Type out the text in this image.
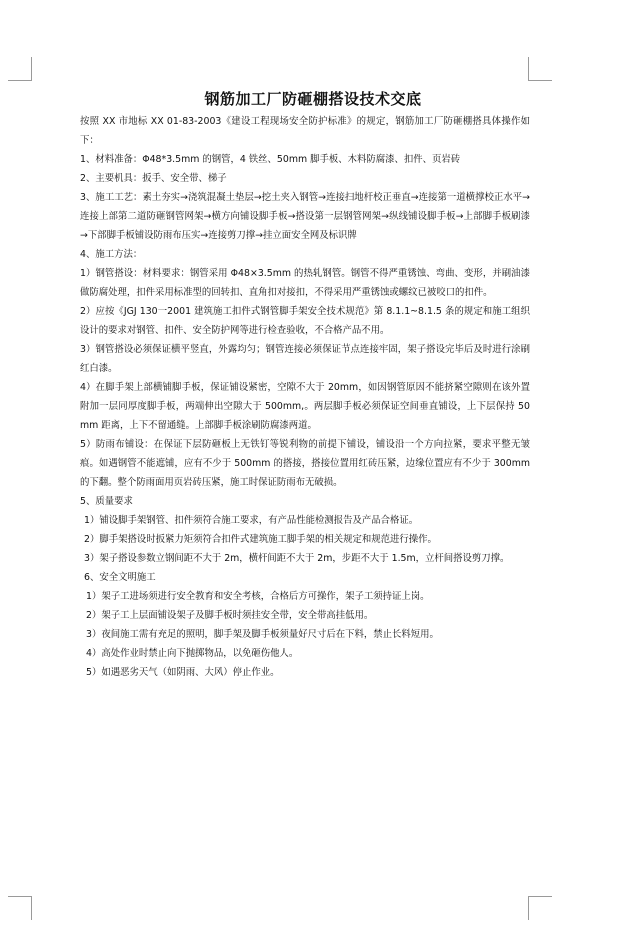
钢筋加工厂防砸棚搭设技术交底

按照 XX 市地标 XX 01-83-2003《建设工程现场安全防护标准》的规定，钢筋加工厂防砸棚搭具体操作如下：

1、材料准备：Φ48*3.5mm 的钢管，4 铁丝、50mm 脚手板、木料防腐漆、扣件、页岩砖

2、主要机具：扳手、安全带、梯子

3、施工工艺：素土夯实→浇筑混凝土垫层→挖土夹入钢管→连接扫地杆校正垂直→连接第一道横撑校正水平→连接上部第二道防砸钢管网架→横方向铺设脚手板→搭设第一层钢管网架→纵线铺设脚手板→上部脚手板刷漆→下部脚手板铺设防雨布压实→连接剪刀撑→挂立面安全网及标识牌

4、施工方法：

1）钢管搭设：材料要求：钢管采用 Φ48×3.5mm 的热轧钢管。钢管不得严重锈蚀、弯曲、变形，并刷油漆做防腐处理，扣件采用标准型的回转扣、直角扣对接扣，不得采用严重锈蚀或螺纹已被咬口的扣件。

2）应按《JGJ 130一2001 建筑施工扣件式钢管脚手架安全技术规范》第 8.1.1~8.1.5 条的规定和施工组织设计的要求对钢管、扣件、安全防护网等进行检查验收，不合格产品不用。

3）钢管搭设必须保证横平竖直，外露均匀；钢管连接必须保证节点连接牢固，架子搭设完毕后及时进行涂刷红白漆。

4）在脚手架上部横铺脚手板，保证铺设紧密，空隙不大于 20mm，如因钢管原因不能挤紧空隙则在该外置附加一层同厚度脚手板，两端伸出空隙大于 500mm,。两层脚手板必须保证空间垂直铺设，上下层保持 50mm 距离，上下不留通缝。上部脚手板涂刷防腐漆两道。

5）防雨布铺设：在保证下层防砸板上无铁钉等锐利物的前提下铺设，铺设沿一个方向拉紧，要求平整无皱痕。如遇钢管不能遮铺，应有不少于 500mm 的搭接，搭接位置用红砖压紧，边缘位置应有不少于 300mm 的下翻。整个防雨面用页岩砖压紧，施工时保证防雨布无破损。

5、质量要求

1）铺设脚手架钢管、扣件须符合施工要求，有产品性能检测报告及产品合格证。

2）脚手架搭设时扳紧力矩须符合扣件式建筑施工脚手架的相关规定和规范进行操作。

3）架子搭设参数立钢间距不大于 2m，横杆间距不大于 2m，步距不大于 1.5m，立杆间搭设剪刀撑。

6、安全文明施工

1）架子工进场须进行安全教育和安全考核，合格后方可操作，架子工须持证上岗。

2）架子工上层面铺设架子及脚手板时须挂安全带，安全带高挂低用。

3）夜间施工需有充足的照明，脚手架及脚手板须量好尺寸后在下料，禁止长料短用。

4）高处作业时禁止向下抛掷物品，以免砸伤他人。

5）如遇恶劣天气（如阴雨、大风）停止作业。
